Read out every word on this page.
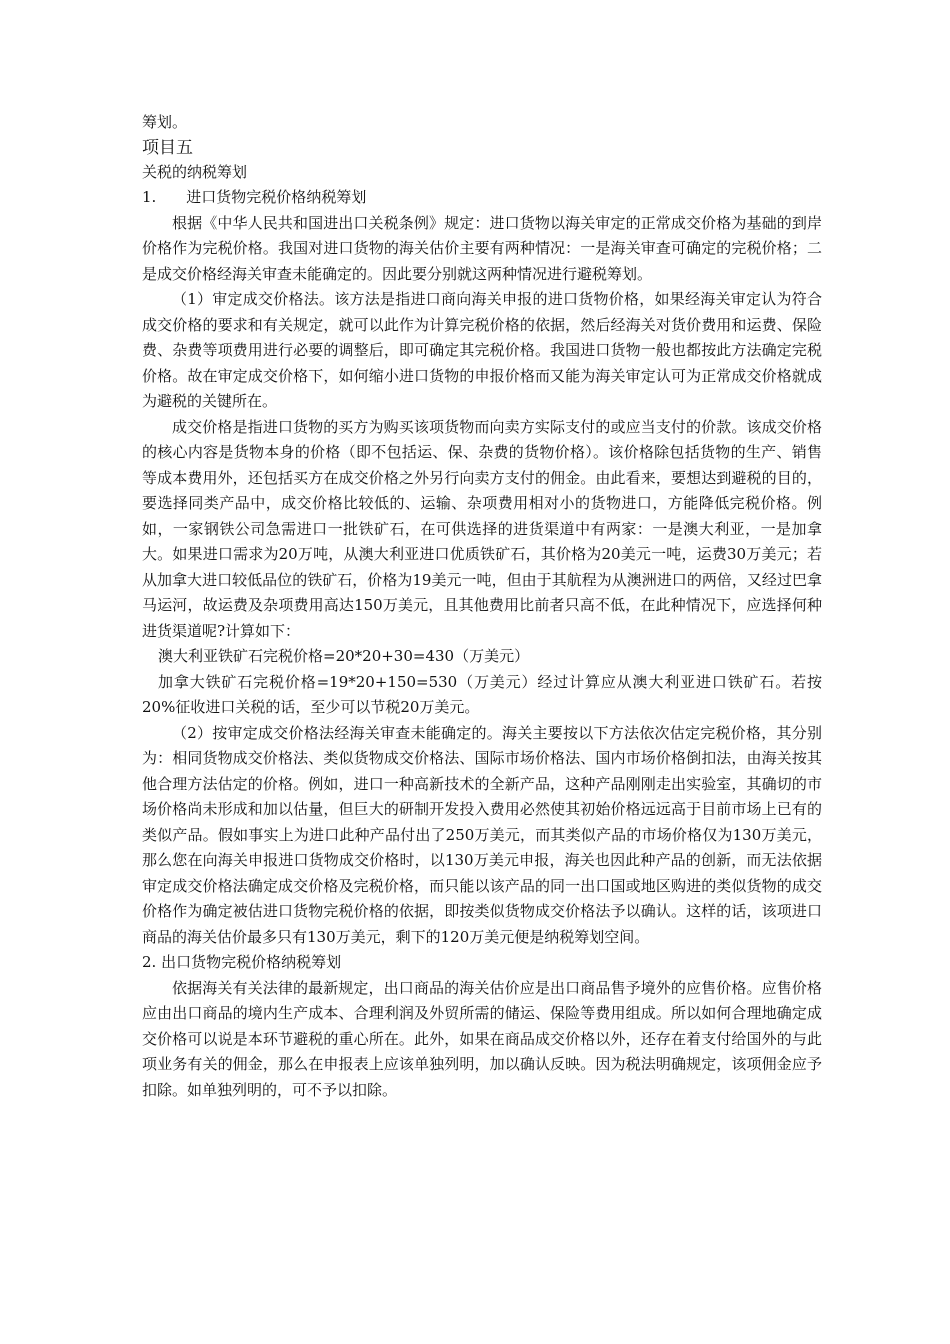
筹划。
项目五
关税的纳税筹划

1.　　进口货物完税价格纳税筹划

根据《中华人民共和国进出口关税条例》规定：进口货物以海关审定的正常成交价格为基础的到岸价格作为完税价格。我国对进口货物的海关估价主要有两种情况：一是海关审查可确定的完税价格；二是成交价格经海关审查未能确定的。因此要分别就这两种情况进行避税筹划。

（1）审定成交价格法。该方法是指进口商向海关申报的进口货物价格，如果经海关审定认为符合成交价格的要求和有关规定，就可以此作为计算完税价格的依据，然后经海关对货价费用和运费、保险费、杂费等项费用进行必要的调整后，即可确定其完税价格。我国进口货物一般也都按此方法确定完税价格。故在审定成交价格下，如何缩小进口货物的申报价格而又能为海关审定认可为正常成交价格就成为避税的关键所在。

成交价格是指进口货物的买方为购买该项货物而向卖方实际支付的或应当支付的价款。该成交价格的核心内容是货物本身的价格（即不包括运、保、杂费的货物价格）。该价格除包括货物的生产、销售等成本费用外，还包括买方在成交价格之外另行向卖方支付的佣金。由此看来，要想达到避税的目的，要选择同类产品中，成交价格比较低的、运输、杂项费用相对小的货物进口，方能降低完税价格。例如，一家钢铁公司急需进口一批铁矿石，在可供选择的进货渠道中有两家：一是澳大利亚，一是加拿大。如果进口需求为20万吨，从澳大利亚进口优质铁矿石，其价格为20美元一吨，运费30万美元；若从加拿大进口较低品位的铁矿石，价格为19美元一吨，但由于其航程为从澳洲进口的两倍，又经过巴拿马运河，故运费及杂项费用高达150万美元，且其他费用比前者只高不低，在此种情况下，应选择何种进货渠道呢?计算如下：

澳大利亚铁矿石完税价格=20*20+30=430（万美元）

加拿大铁矿石完税价格=19*20+150=530（万美元）经过计算应从澳大利亚进口铁矿石。若按20%征收进口关税的话，至少可以节税20万美元。

（2）按审定成交价格法经海关审查未能确定的。海关主要按以下方法依次估定完税价格，其分别为：相同货物成交价格法、类似货物成交价格法、国际市场价格法、国内市场价格倒扣法，由海关按其他合理方法估定的价格。例如，进口一种高新技术的全新产品，这种产品刚刚走出实验室，其确切的市场价格尚未形成和加以估量，但巨大的研制开发投入费用必然使其初始价格远远高于目前市场上已有的类似产品。假如事实上为进口此种产品付出了250万美元，而其类似产品的市场价格仅为130万美元，那么您在向海关申报进口货物成交价格时，以130万美元申报，海关也因此种产品的创新，而无法依据审定成交价格法确定成交价格及完税价格，而只能以该产品的同一出口国或地区购进的类似货物的成交价格作为确定被估进口货物完税价格的依据，即按类似货物成交价格法予以确认。这样的话，该项进口商品的海关估价最多只有130万美元，剩下的120万美元便是纳税筹划空间。

2. 出口货物完税价格纳税筹划

依据海关有关法律的最新规定，出口商品的海关估价应是出口商品售予境外的应售价格。应售价格应由出口商品的境内生产成本、合理利润及外贸所需的储运、保险等费用组成。所以如何合理地确定成交价格可以说是本环节避税的重心所在。此外，如果在商品成交价格以外，还存在着支付给国外的与此项业务有关的佣金，那么在申报表上应该单独列明，加以确认反映。因为税法明确规定，该项佣金应予扣除。如单独列明的，可不予以扣除。
